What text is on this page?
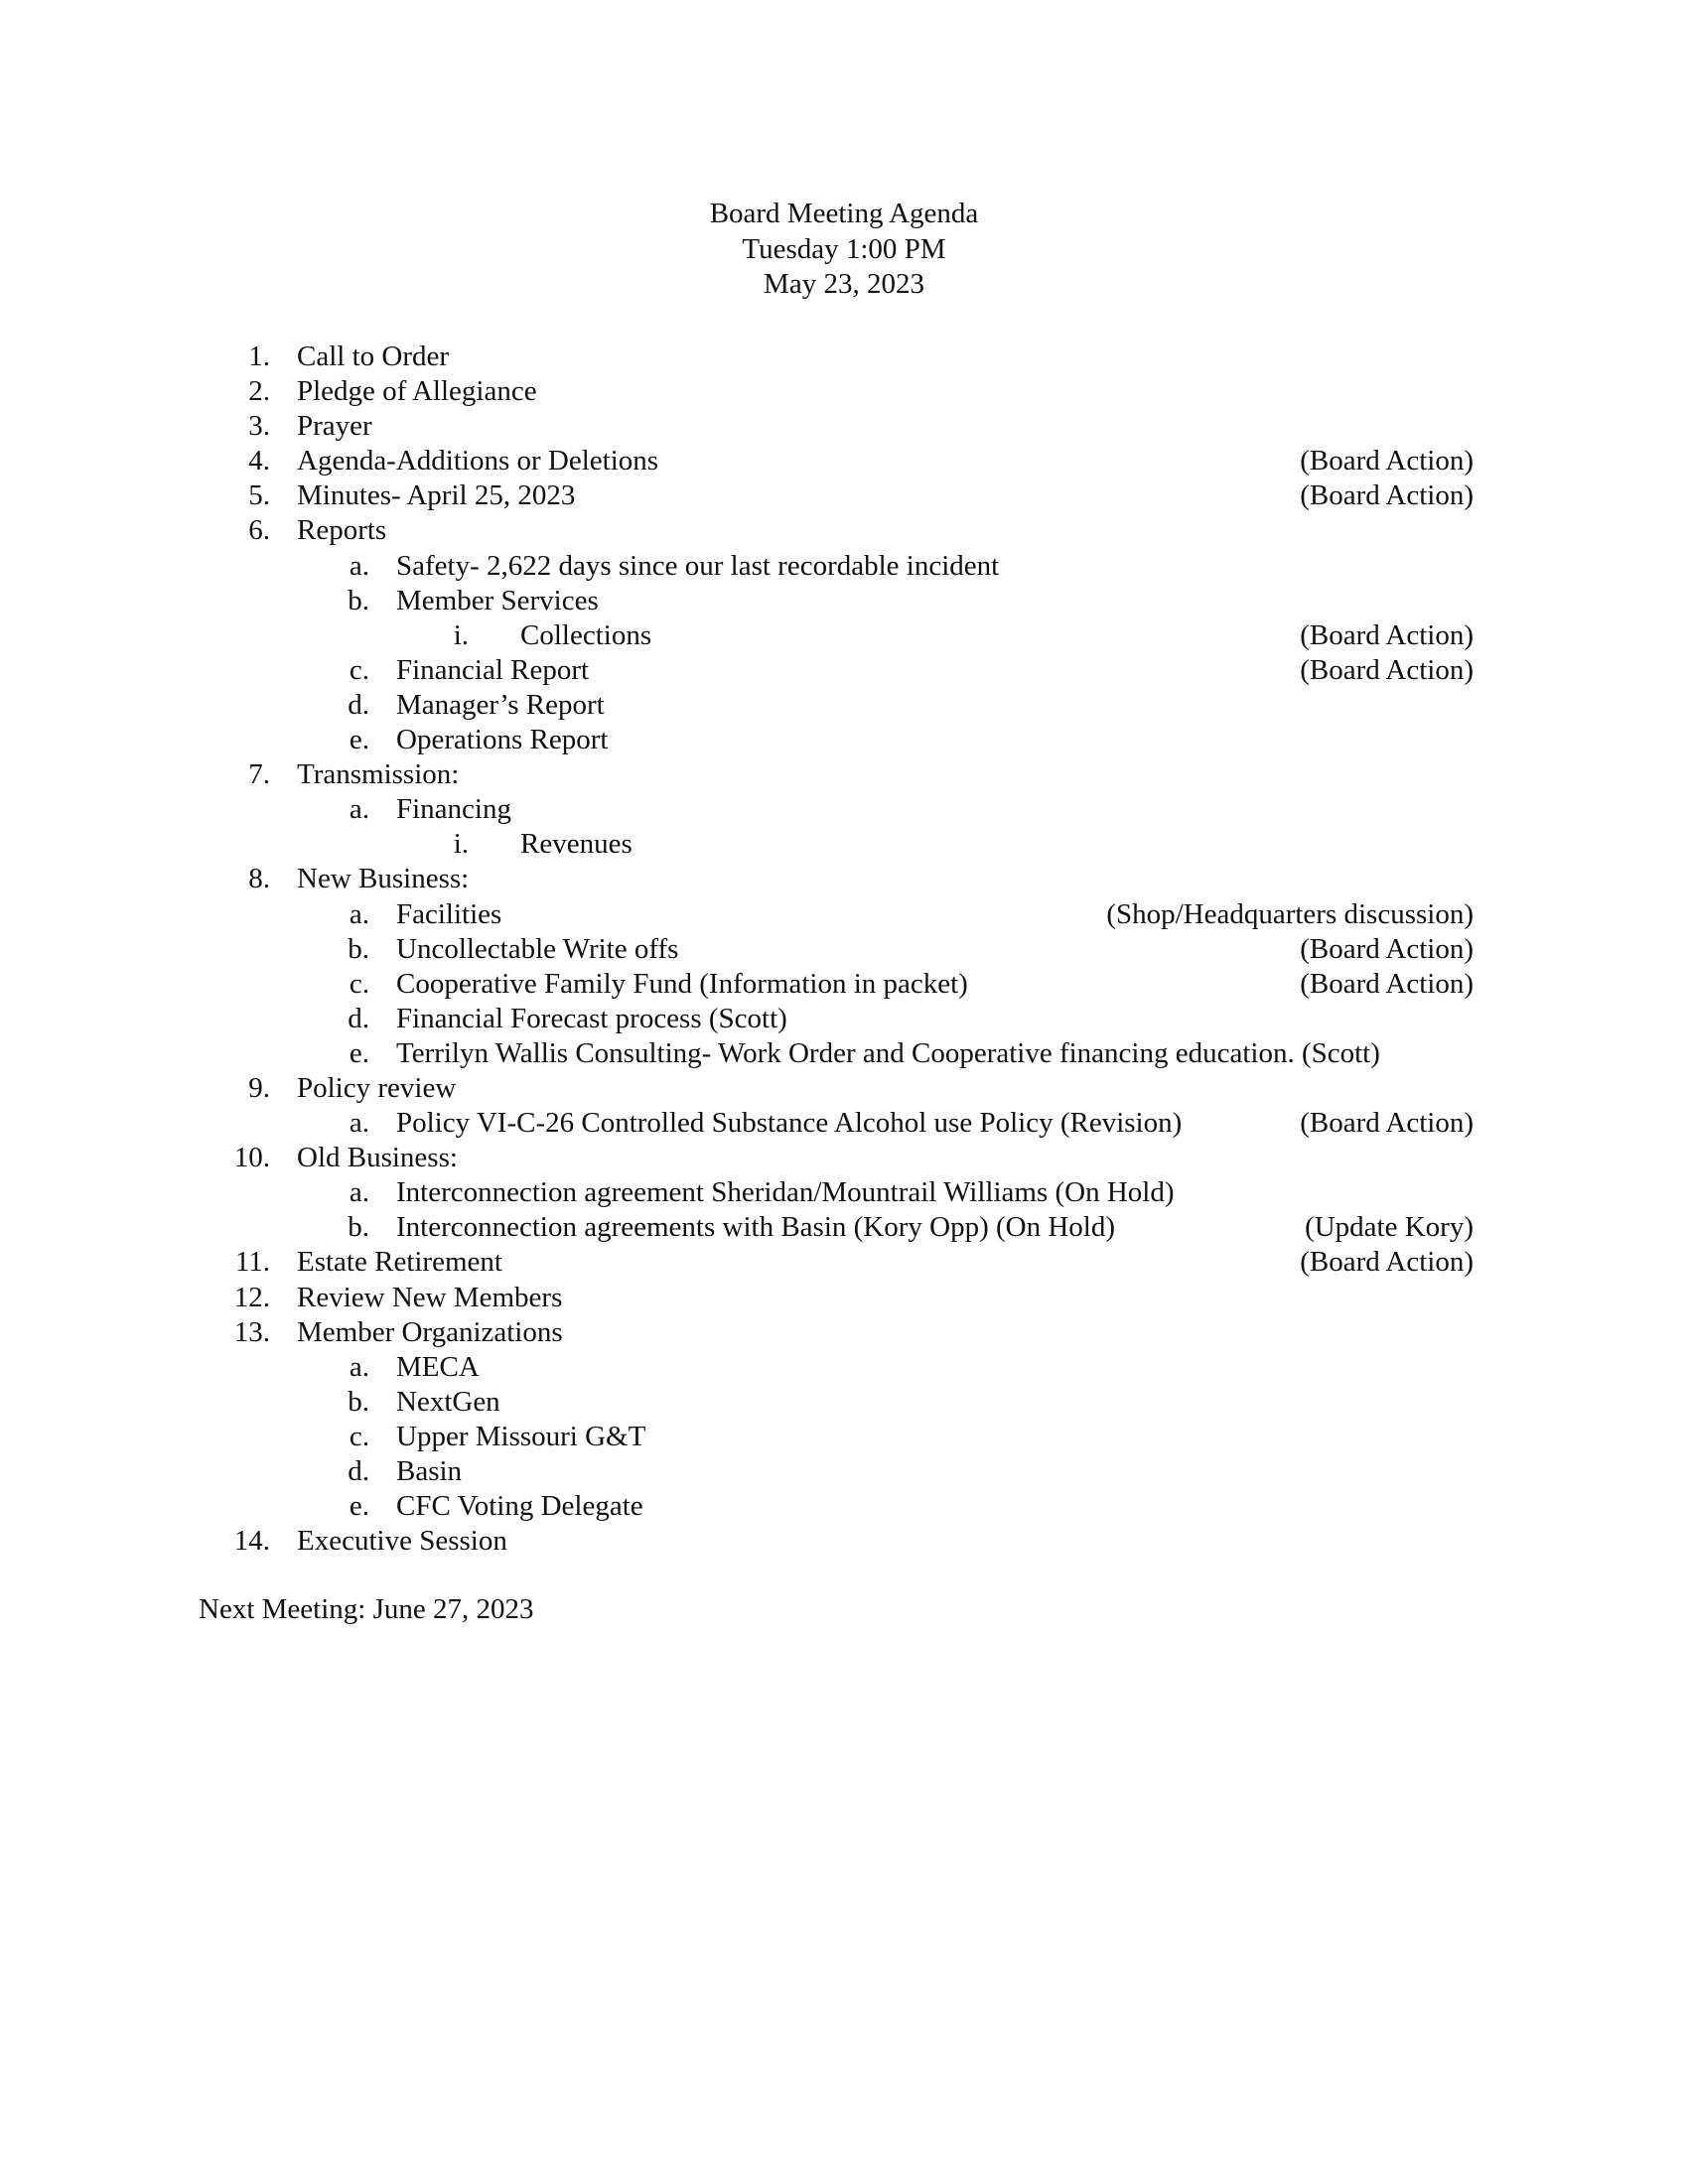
Board Meeting Agenda
Tuesday 1:00 PM
May 23, 2023
1. Call to Order
2. Pledge of Allegiance
3. Prayer
4. Agenda-Additions or Deletions	(Board Action)
5. Minutes- April 25, 2023	(Board Action)
6. Reports
a. Safety- 2,622 days since our last recordable incident
b. Member Services
i. Collections	(Board Action)
c. Financial Report	(Board Action)
d. Manager’s Report
e. Operations Report
7. Transmission:
a. Financing
i. Revenues
8. New Business:
a. Facilities	(Shop/Headquarters discussion)
b. Uncollectable Write offs	(Board Action)
c. Cooperative Family Fund (Information in packet)	(Board Action)
d. Financial Forecast process (Scott)
e. Terrilyn Wallis Consulting- Work Order and Cooperative financing education. (Scott)
9. Policy review
a. Policy VI-C-26 Controlled Substance Alcohol use Policy (Revision)	(Board Action)
10. Old Business:
a. Interconnection agreement Sheridan/Mountrail Williams (On Hold)
b. Interconnection agreements with Basin (Kory Opp) (On Hold)	(Update Kory)
11. Estate Retirement	(Board Action)
12. Review New Members
13. Member Organizations
a. MECA
b. NextGen
c. Upper Missouri G&T
d. Basin
e. CFC Voting Delegate
14. Executive Session
Next Meeting: June 27, 2023
